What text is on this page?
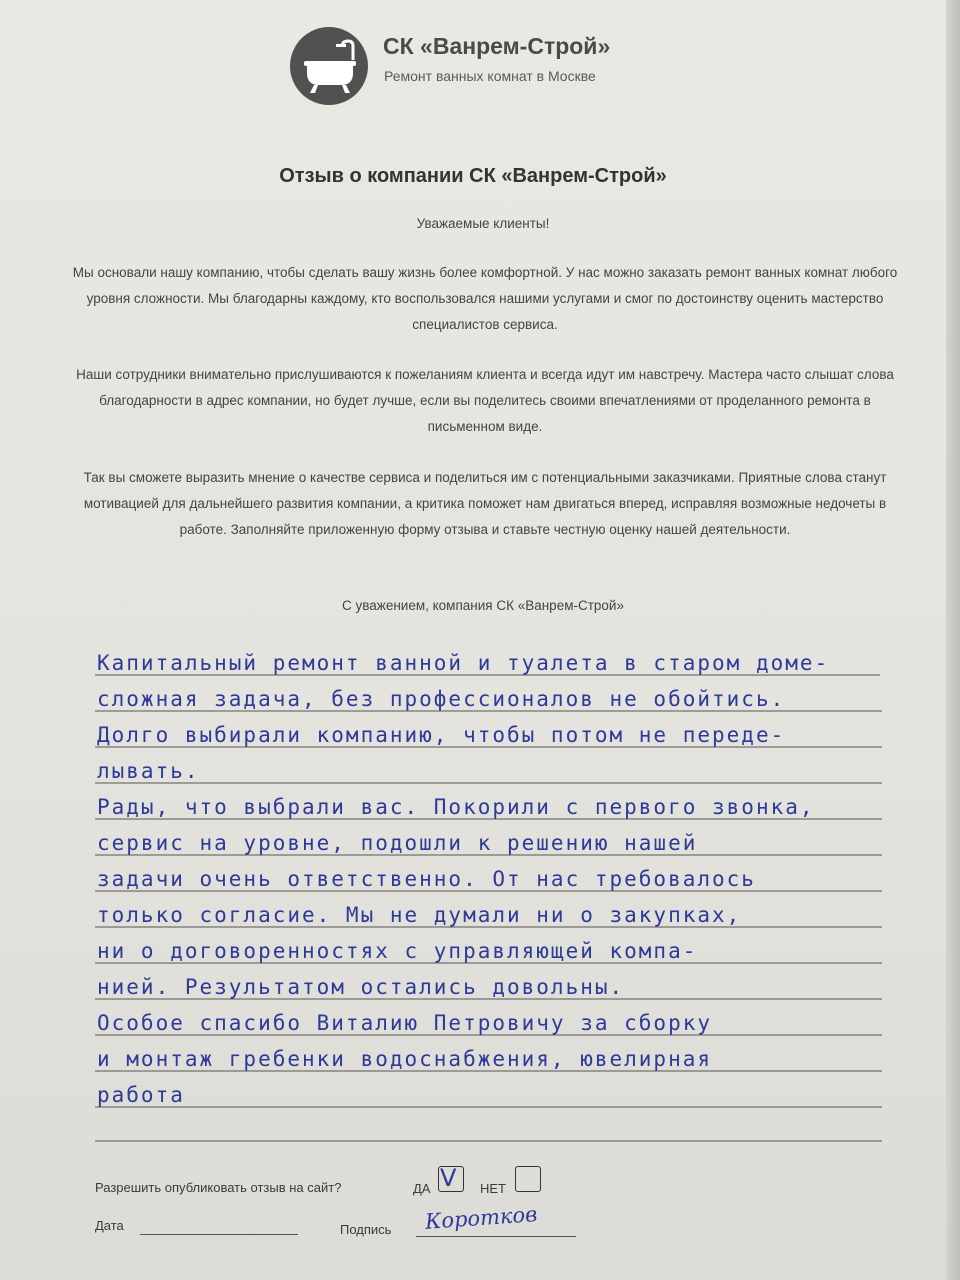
СК «Ванрем-Строй»
Ремонт ванных комнат в Москве
Отзыв о компании СК «Ванрем-Строй»
Уважаемые клиенты!

Мы основали нашу компанию, чтобы сделать вашу жизнь более комфортной. У нас можно заказать ремонт ванных комнат любого уровня сложности. Мы благодарны каждому, кто воспользовался нашими услугами и смог по достоинству оценить мастерство специалистов сервиса.

Наши сотрудники внимательно прислушиваются к пожеланиям клиента и всегда идут им навстречу. Мастера часто слышат слова благодарности в адрес компании, но будет лучше, если вы поделитесь своими впечатлениями от проделанного ремонта в письменном виде.

Так вы сможете выразить мнение о качестве сервиса и поделиться им с потенциальными заказчиками. Приятные слова станут мотивацией для дальнейшего развития компании, а критика поможет нам двигаться вперед, исправляя возможные недочеты в работе. Заполняйте приложенную форму отзыва и ставьте честную оценку нашей деятельности.

С уважением, компания СК «Ванрем-Строй»

Капитальный ремонт ванной и туалета в старом доме-

сложная задача, без профессионалов не обойтись.

Долго выбирали компанию, чтобы потом не переде-

лывать.

Рады, что выбрали вас. Покорили с первого звонка,

сервис на уровне, подошли к решению нашей

задачи очень ответственно. От нас требовалось

только согласие. Мы не думали ни о закупках,

ни о договоренностях с управляющей компа-

нией. Результатом остались довольны.

Особое спасибо Виталию Петровичу за сборку

и монтаж гребенки водоснабжения, ювелирная

работа

Разрешить опубликовать отзыв на сайт?	ДА V НЕТ
Дата	Подпись Коротков
